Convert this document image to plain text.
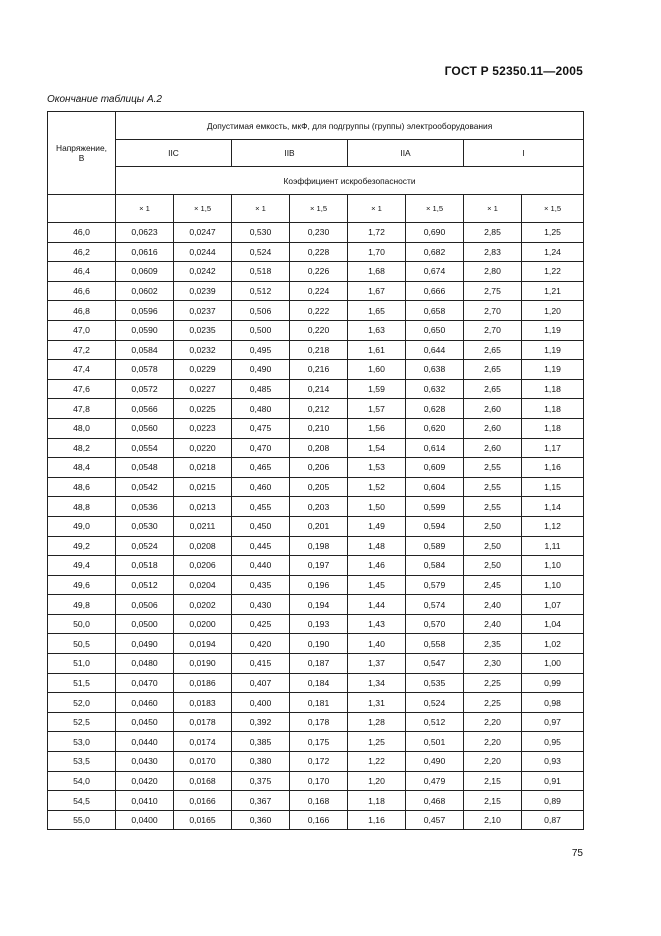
ГОСТ Р 52350.11—2005
Окончание таблицы А.2
Напряжение, В	Допустимая емкость, мкФ, для подгруппы (группы) электрооборудования							
	IIC		IIB		IIA		I	
	Коэффициент искробезопасности							
	× 1	× 1,5	× 1	× 1,5	× 1	× 1,5	× 1	× 1,5
46,0	0,0623	0,0247	0,530	0,230	1,72	0,690	2,85	1,25
46,2	0,0616	0,0244	0,524	0,228	1,70	0,682	2,83	1,24
46,4	0,0609	0,0242	0,518	0,226	1,68	0,674	2,80	1,22
46,6	0,0602	0,0239	0,512	0,224	1,67	0,666	2,75	1,21
46,8	0,0596	0,0237	0,506	0,222	1,65	0,658	2,70	1,20
47,0	0,0590	0,0235	0,500	0,220	1,63	0,650	2,70	1,19
47,2	0,0584	0,0232	0,495	0,218	1,61	0,644	2,65	1,19
47,4	0,0578	0,0229	0,490	0,216	1,60	0,638	2,65	1,19
47,6	0,0572	0,0227	0,485	0,214	1,59	0,632	2,65	1,18
47,8	0,0566	0,0225	0,480	0,212	1,57	0,628	2,60	1,18
48,0	0,0560	0,0223	0,475	0,210	1,56	0,620	2,60	1,18
48,2	0,0554	0,0220	0,470	0,208	1,54	0,614	2,60	1,17
48,4	0,0548	0,0218	0,465	0,206	1,53	0,609	2,55	1,16
48,6	0,0542	0,0215	0,460	0,205	1,52	0,604	2,55	1,15
48,8	0,0536	0,0213	0,455	0,203	1,50	0,599	2,55	1,14
49,0	0,0530	0,0211	0,450	0,201	1,49	0,594	2,50	1,12
49,2	0,0524	0,0208	0,445	0,198	1,48	0,589	2,50	1,11
49,4	0,0518	0,0206	0,440	0,197	1,46	0,584	2,50	1,10
49,6	0,0512	0,0204	0,435	0,196	1,45	0,579	2,45	1,10
49,8	0,0506	0,0202	0,430	0,194	1,44	0,574	2,40	1,07
50,0	0,0500	0,0200	0,425	0,193	1,43	0,570	2,40	1,04
50,5	0,0490	0,0194	0,420	0,190	1,40	0,558	2,35	1,02
51,0	0,0480	0,0190	0,415	0,187	1,37	0,547	2,30	1,00
51,5	0,0470	0,0186	0,407	0,184	1,34	0,535	2,25	0,99
52,0	0,0460	0,0183	0,400	0,181	1,31	0,524	2,25	0,98
52,5	0,0450	0,0178	0,392	0,178	1,28	0,512	2,20	0,97
53,0	0,0440	0,0174	0,385	0,175	1,25	0,501	2,20	0,95
53,5	0,0430	0,0170	0,380	0,172	1,22	0,490	2,20	0,93
54,0	0,0420	0,0168	0,375	0,170	1,20	0,479	2,15	0,91
54,5	0,0410	0,0166	0,367	0,168	1,18	0,468	2,15	0,89
55,0	0,0400	0,0165	0,360	0,166	1,16	0,457	2,10	0,87
75
